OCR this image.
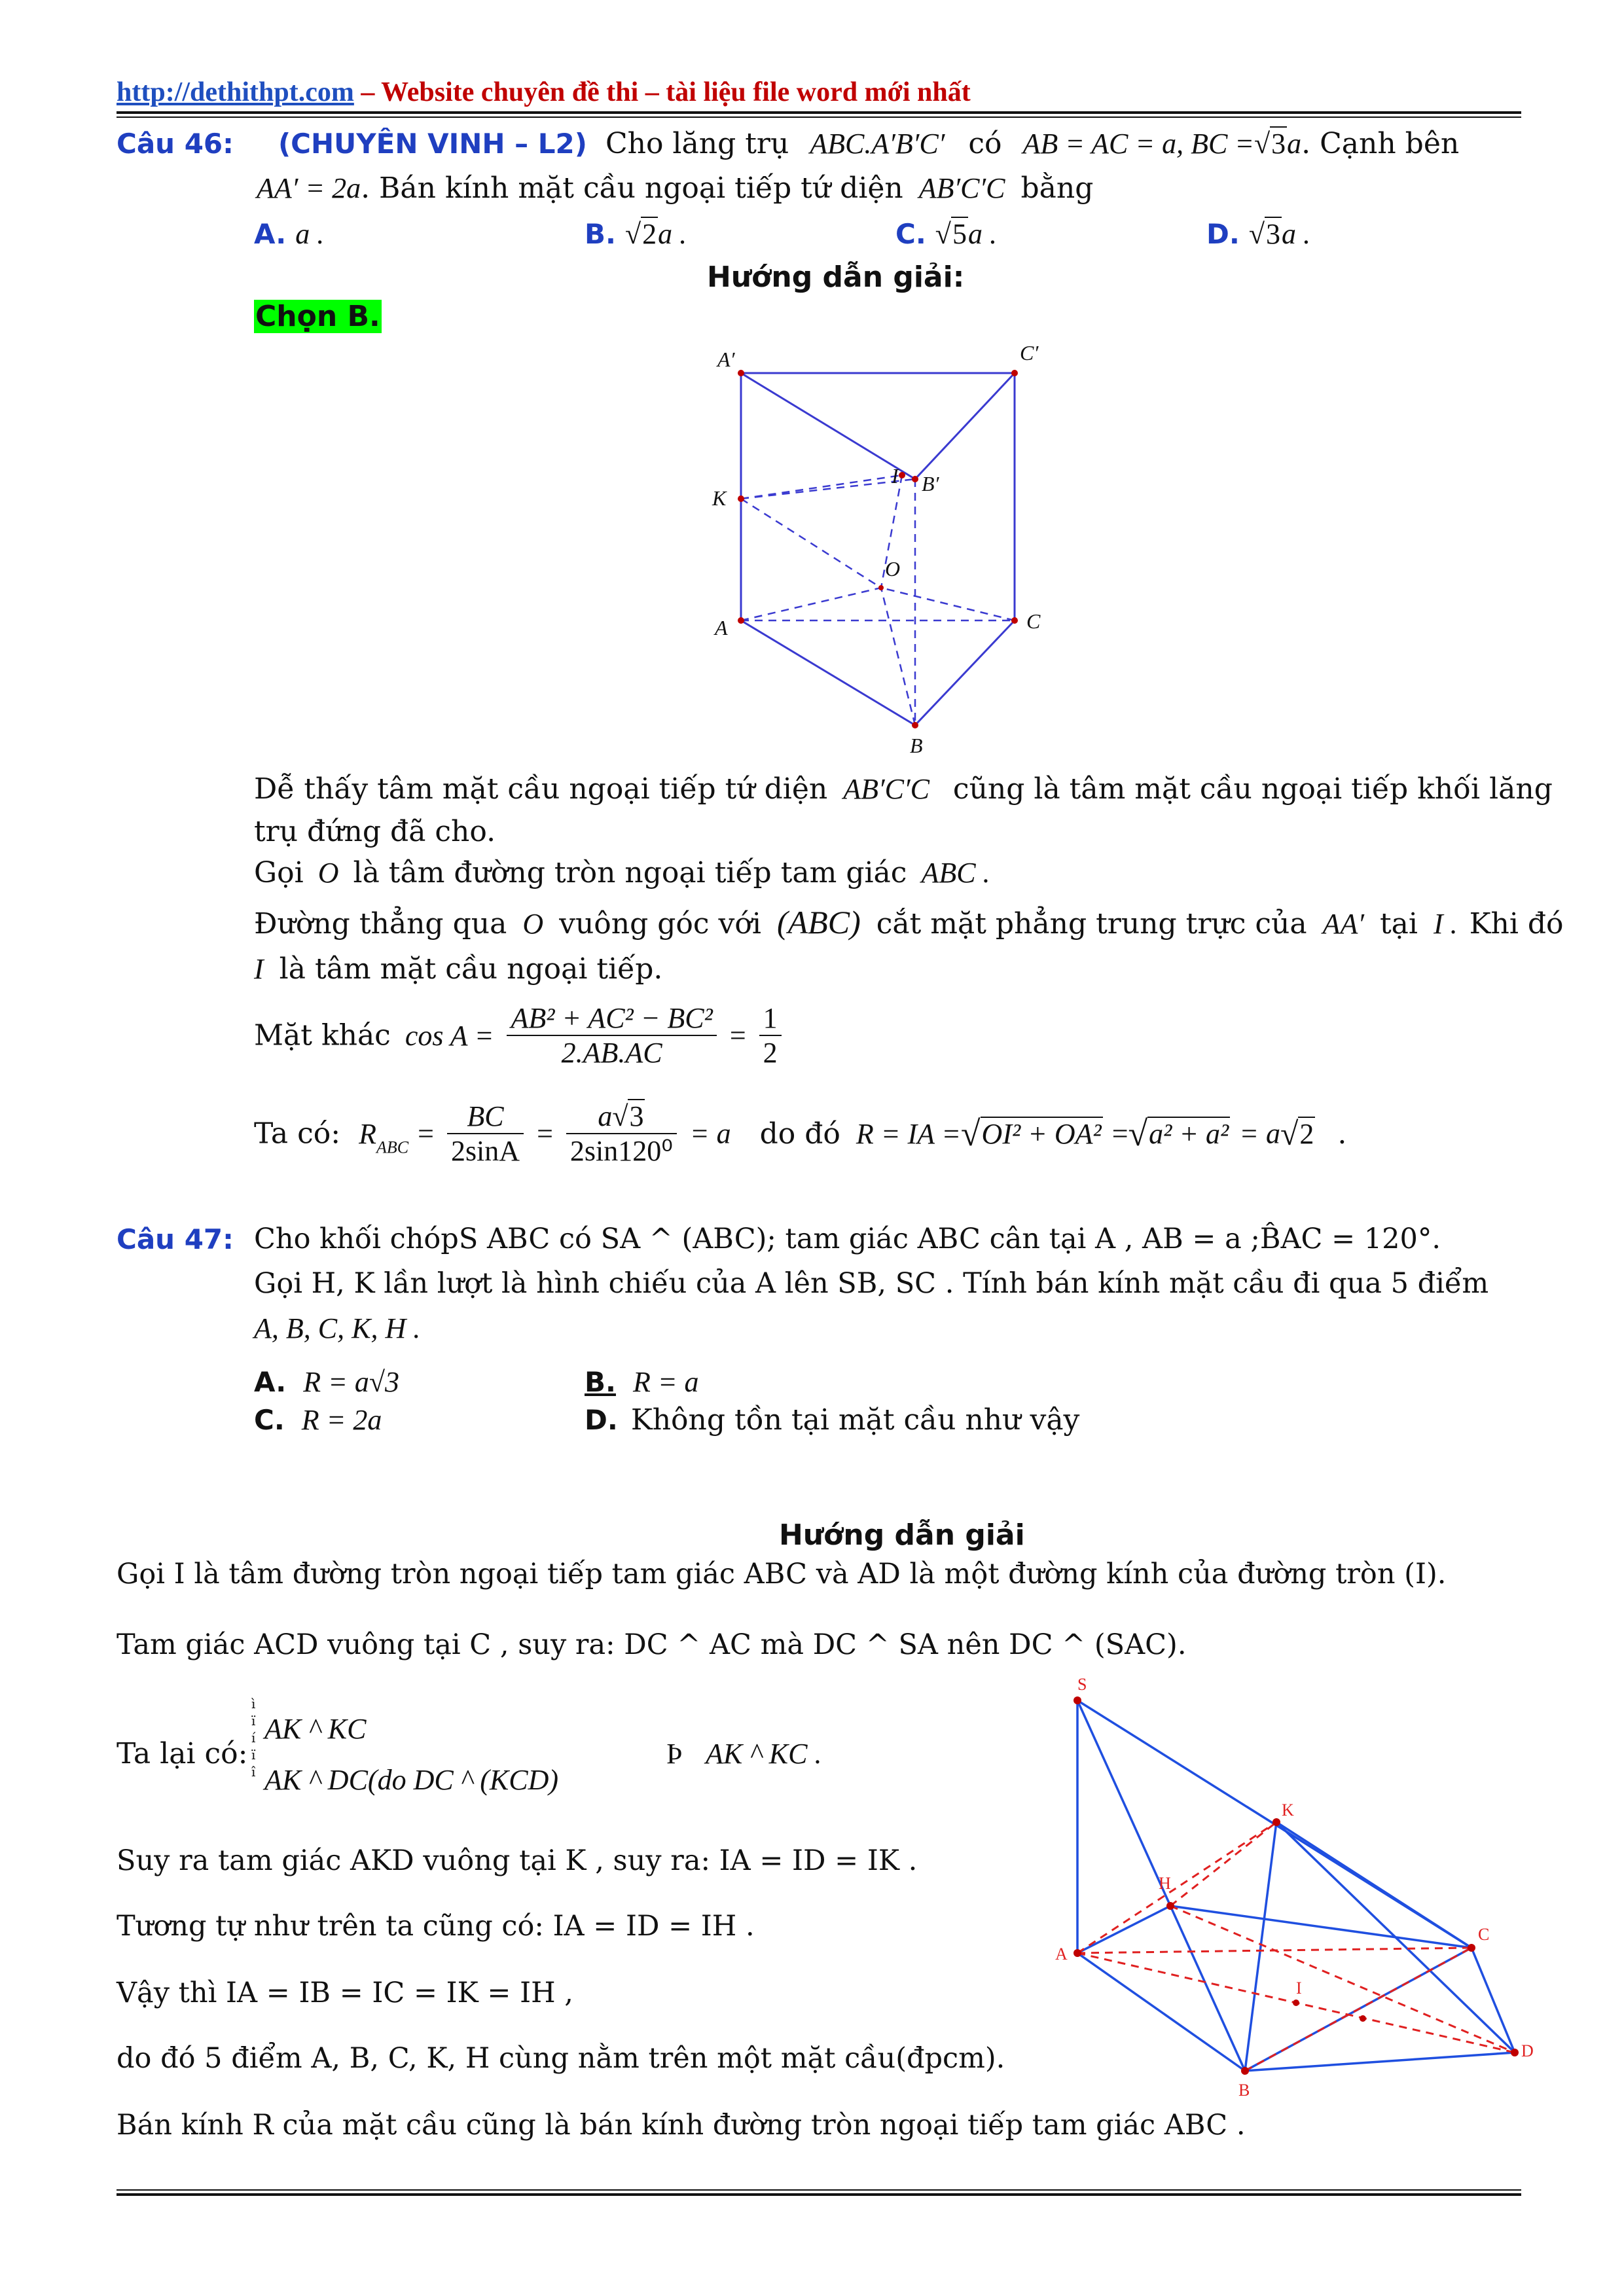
http://dethithpt.com – Website chuyên đề thi – tài liệu file word mới nhất
Câu 46: (CHUYÊN VINH – L2) Cho lăng trụ ABC.A′B′C′ có AB = AC = a, BC =√3a. Cạnh bên
AA′ = 2a. Bán kính mặt cầu ngoại tiếp tứ diện AB′C′C bằng
A. a .	B. √2a .	C. √5a .	D. √3a .
Hướng dẫn giải:
Chọn B.
A′	C′
K
I B′
O
A	C
B
Dễ thấy tâm mặt cầu ngoại tiếp tứ diện AB′C′C cũng là tâm mặt cầu ngoại tiếp khối lăng
trụ đứng đã cho.
Gọi O là tâm đường tròn ngoại tiếp tam giác ABC .
Đường thẳng qua O vuông góc với (ABC) cắt mặt phẳng trung trực của AA′ tại I . Khi đó
I là tâm mặt cầu ngoại tiếp.
Mặt khác $\cos A = \frac{\text{AB² + AC² − BC²}}{2.AB.AC} = \frac{1}{2}$
Ta có: $R_{ABC} = \frac{BC}{2\sin A} = \frac{a√3}{\text{2sin120⁰}} = a$ do đó R = IA =√OI² + OA² =√a² + a² = a√2 .
Câu 47: Cho khối chópS ABC có SA ^ (ABC); tam giác ABC cân tại A , AB = a ;B̂AC = 120°.
Gọi H, K lần lượt là hình chiếu của A lên SB, SC . Tính bán kính mặt cầu đi qua 5 điểm
A, B, C, K, H .
A. R = a√3	B. R = a
C. R = 2a	D. Không tồn tại mặt cầu như vậy
Hướng dẫn giải
Gọi I là tâm đường tròn ngoại tiếp tam giác ABC và AD là một đường kính của đường tròn (I).
Tam giác ACD vuông tại C , suy ra: DC ^ AC mà DC ^ SA nên DC ^ (SAC).
Ta lại có:
ì
ï
í
ï
î
AK ^ KC
AK ^ DC(do DC ^ (KCD)
Þ AK ^ KC .
Suy ra tam giác AKD vuông tại K , suy ra: IA = ID = IK .
Tương tự như trên ta cũng có: IA = ID = IH .
Vậy thì IA = IB = IC = IK = IH ,
do đó 5 điểm A, B, C, K, H cùng nằm trên một mặt cầu(đpcm).
Bán kính R của mặt cầu cũng là bán kính đường tròn ngoại tiếp tam giác ABC .
S
K
H
A
C
I
D
B
